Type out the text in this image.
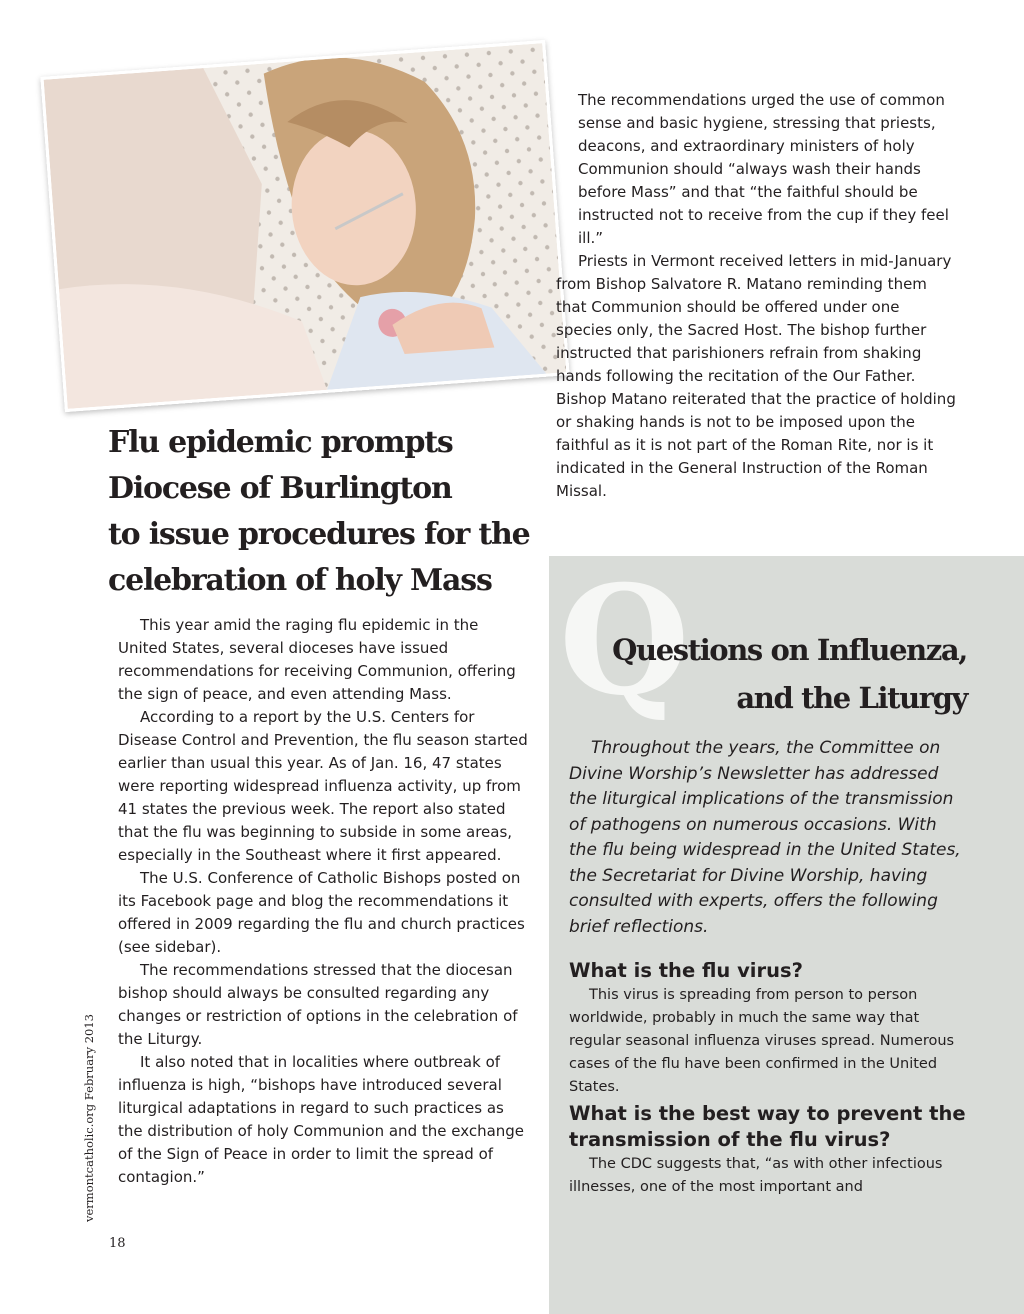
Flu epidemic prompts
Diocese of Burlington
to issue procedures for the
celebration of holy Mass

This year amid the raging flu epidemic in the United States, several dioceses have issued recommendations for receiving Communion, offering the sign of peace, and even attending Mass.

According to a report by the U.S. Centers for Disease Control and Prevention, the flu season started earlier than usual this year. As of Jan. 16, 47 states were reporting widespread influenza activity, up from 41 states the previous week. The report also stated that the flu was beginning to subside in some areas, especially in the Southeast where it first appeared.

The U.S. Conference of Catholic Bishops posted on its Facebook page and blog the recommendations it offered in 2009 regarding the flu and church practices (see sidebar).

The recommendations stressed that the diocesan bishop should always be consulted regarding any changes or restriction of options in the celebration of the Liturgy.

It also noted that in localities where outbreak of influenza is high, “bishops have introduced several liturgical adaptations in regard to such practices as the distribution of holy Communion and the exchange of the Sign of Peace in order to limit the spread of contagion.”

The recommendations urged the use of common sense and basic hygiene, stressing that priests, deacons, and extraordinary ministers of holy Communion should “always wash their hands before Mass” and that “the faithful should be instructed not to receive from the cup if they feel ill.”

Priests in Vermont received letters in mid-January from Bishop Salvatore R. Matano reminding them that Communion should be offered under one species only, the Sacred Host. The bishop further instructed that parishioners refrain from shaking hands following the recitation of the Our Father. Bishop Matano reiterated that the practice of holding or shaking hands is not to be imposed upon the faithful as it is not part of the Roman Rite, nor is it indicated in the General Instruction of the Roman Missal.

Q
Questions on Influenza,
and the Liturgy

Throughout the years, the Committee on Divine Worship’s Newsletter has addressed the liturgical implications of the transmission of pathogens on numerous occasions. With the flu being widespread in the United States, the Secretariat for Divine Worship, having consulted with experts, offers the following brief reflections.

What is the flu virus?

This virus is spreading from person to person worldwide, probably in much the same way that regular seasonal influenza viruses spread. Numerous cases of the flu have been confirmed in the United States.

What is the best way to prevent the transmission of the flu virus?

The CDC suggests that, “as with other infectious illnesses, one of the most important and

vermontcatholic.org February 2013
18
